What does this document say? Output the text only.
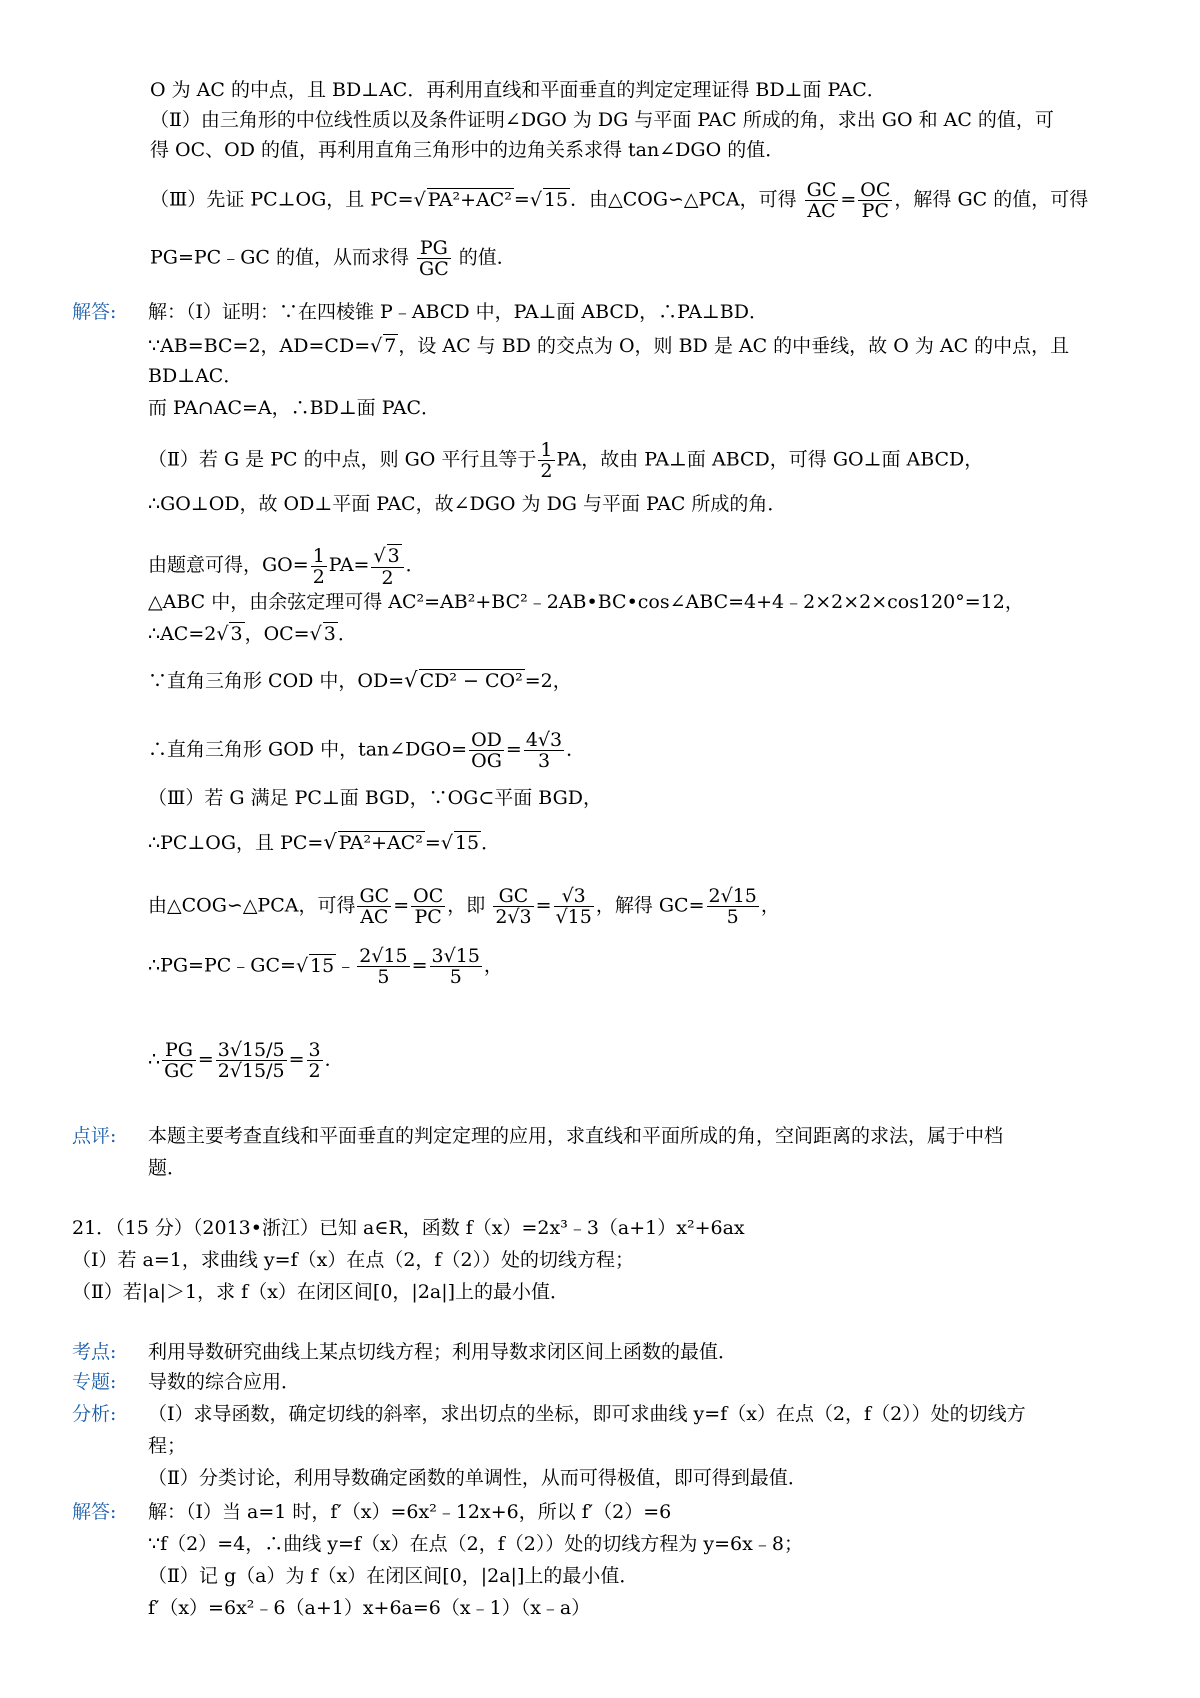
O 为 AC 的中点，且 BD⊥AC．再利用直线和平面垂直的判定定理证得 BD⊥面 PAC．
（Ⅱ）由三角形的中位线性质以及条件证明∠DGO 为 DG 与平面 PAC 所成的角，求出 GO 和 AC 的值，可
得 OC、OD 的值，再利用直角三角形中的边角关系求得 tan∠DGO 的值．
（Ⅲ）先证 PC⊥OG，且 PC= √ PA²+AC² = √ 15 ．由△COG∽△PCA，可得 $\frac{GC}{AC} = \frac{OC}{PC}$ ，解得 GC 的值，可得
PG=PC﹣GC 的值，从而求得 $\frac{PG}{GC}$ 的值．
解答: 解：（Ⅰ）证明：∵在四棱锥 P﹣ABCD 中，PA⊥面 ABCD，∴PA⊥BD．
∵AB=BC=2，AD=CD= √ 7 ，设 AC 与 BD 的交点为 O，则 BD 是 AC 的中垂线，故 O 为 AC 的中点，且
BD⊥AC．
而 PA∩AC=A，∴BD⊥面 PAC．
（Ⅱ）若 G 是 PC 的中点，则 GO 平行且等于 $\frac{1}{2}$ PA，故由 PA⊥面 ABCD，可得 GO⊥面 ABCD，
∴GO⊥OD，故 OD⊥平面 PAC，故∠DGO 为 DG 与平面 PAC 所成的角．
由题意可得，$GO= \frac{1}{2} PA=$ √ $\frac{3}{2}$ ．
△ABC 中，由余弦定理可得 AC²=AB²+BC²﹣2AB•BC•cos∠ABC=4+4﹣2×2×2×cos120°=12，
∴AC=2 √ 3 ，OC= √ 3 ．
∵直角三角形 COD 中，OD= √ CD² − CO² =2，
∴直角三角形 GOD 中，tan∠DGO= $\frac{OD}{OG} = \frac{4√3}{3}$ ．
（Ⅲ）若 G 满足 PC⊥面 BGD，∵OG⊂平面 BGD，
∴PC⊥OG，且 PC= √ PA²+AC² = √ 15 ．
由△COG∽△PCA，可得 $\frac{GC}{AC} = \frac{OC}{PC}$ ，即 $\frac{GC}{2√3} = \frac{√3}{√15}$ ，解得 $GC= \frac{2√15}{5}$ ，
∴PG=PC﹣GC= √ 15 ﹣ $\frac{2√15}{5} = \frac{3√15}{5}$ ，
∴ $\frac{PG}{GC} = \frac{3√15/5}{2√15/5} = \frac{3}{2}$ ．
点评: 本题主要考查直线和平面垂直的判定定理的应用，求直线和平面所成的角，空间距离的求法，属于中档
题．
21．（15 分）（2013•浙江）已知 a∈R，函数 f（x）=2x³﹣3（a+1）x²+6ax
（Ⅰ）若 a=1，求曲线 y=f（x）在点（2，f（2））处的切线方程；
（Ⅱ）若|a|＞1，求 f（x）在闭区间[0，|2a|]上的最小值．
考点: 利用导数研究曲线上某点切线方程；利用导数求闭区间上函数的最值．
专题: 导数的综合应用．
分析: （Ⅰ）求导函数，确定切线的斜率，求出切点的坐标，即可求曲线 y=f（x）在点（2，f（2））处的切线方
程；
（Ⅱ）分类讨论，利用导数确定函数的单调性，从而可得极值，即可得到最值．
解答: 解：（Ⅰ）当 a=1 时，f′（x）=6x²﹣12x+6，所以 f′（2）=6
∵f（2）=4，∴曲线 y=f（x）在点（2，f（2））处的切线方程为 y=6x﹣8；
（Ⅱ）记 g（a）为 f（x）在闭区间[0，|2a|]上的最小值．
f′（x）=6x²﹣6（a+1）x+6a=6（x﹣1）（x﹣a）
